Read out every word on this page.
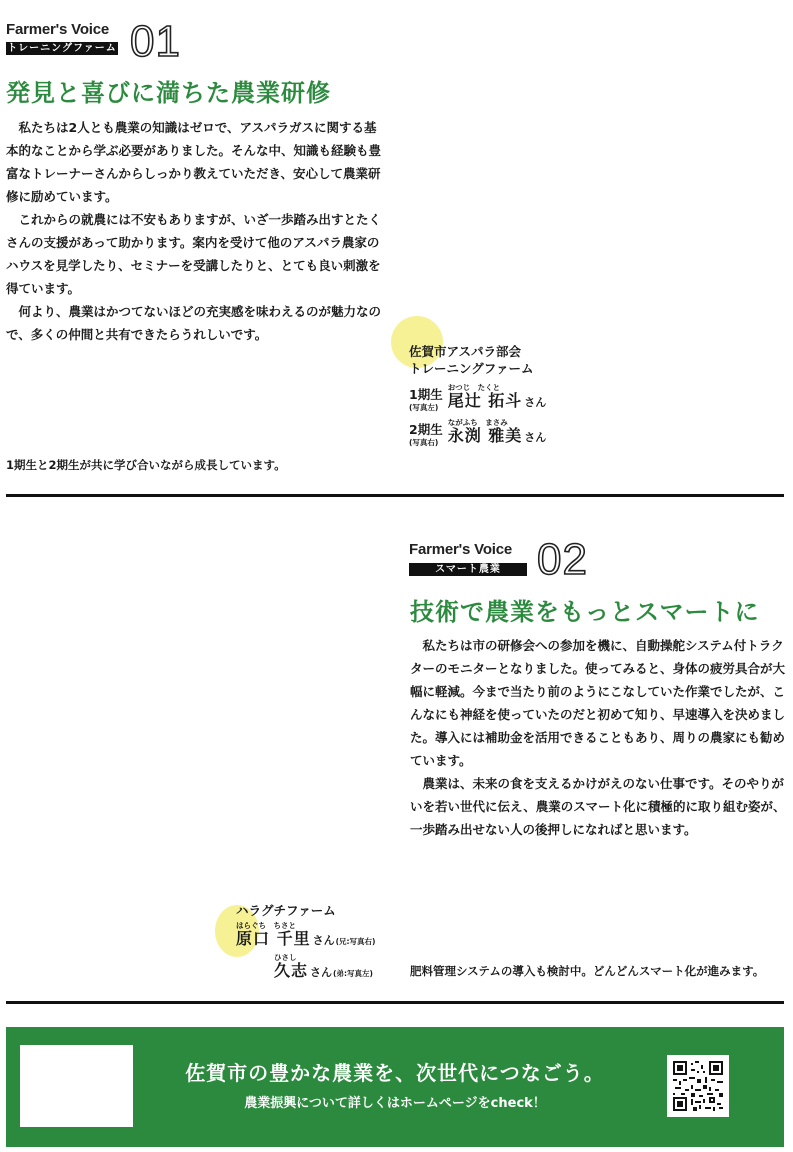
Farmer's Voice
トレーニングファーム 01
発見と喜びに満ちた農業研修

私たちは2人とも農業の知識はゼロで、アスパラガスに関する基本的なことから学ぶ必要がありました。そんな中、知識も経験も豊富なトレーナーさんからしっかり教えていただき、安心して農業研修に励めています。

これからの就農には不安もありますが、いざ一歩踏み出すとたくさんの支援があって助かります。案内を受けて他のアスパラ農家のハウスを見学したり、セミナーを受講したりと、とても良い刺激を得ています。

何より、農業はかつてないほどの充実感を味わえるのが魅力なので、多くの仲間と共有できたらうれしいです。

佐賀市アスパラ部会
トレーニングファーム
1期生
(写真左)
おつじ　たくと
尾辻 拓斗 さん
2期生
(写真右)
ながふち　まさみ
永渕 雅美 さん
1期生と2期生が共に学び合いながら成長しています。
Farmer's Voice
スマート農業 02
技術で農業をもっとスマートに

私たちは市の研修会への参加を機に、自動操舵システム付トラクターのモニターとなりました。使ってみると、身体の疲労具合が大幅に軽減。今まで当たり前のようにこなしていた作業でしたが、こんなにも神経を使っていたのだと初めて知り、早速導入を決めました。導入には補助金を活用できることもあり、周りの農家にも勧めています。

農業は、未来の食を支えるかけがえのない仕事です。そのやりがいを若い世代に伝え、農業のスマート化に積極的に取り組む姿が、一歩踏み出せない人の後押しになればと思います。

ハラグチファーム
はらぐち　ちさと
原口 千里 さん (兄:写真右)
ひさし
久志 さん (弟:写真左)	肥料管理システムの導入も検討中。どんどんスマート化が進みます。
佐賀市の豊かな農業を、次世代につなごう。
農業振興について詳しくはホームページをcheck！
